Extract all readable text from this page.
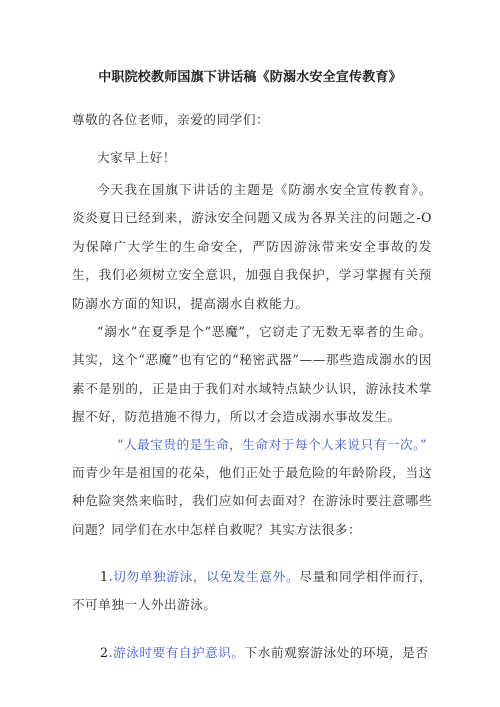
中职院校教师国旗下讲话稿《防溺水安全宣传教育》

尊敬的各位老师，亲爱的同学们：

大家早上好！

今天我在国旗下讲话的主题是《防溺水安全宣传教育》。炎炎夏日已经到来，游泳安全问题又成为各界关注的问题之-O为保障广大学生的生命安全，严防因游泳带来安全事故的发生，我们必须树立安全意识，加强自我保护，学习掌握有关预防溺水方面的知识，提高溺水自救能力。

“溺水”在夏季是个“恶魔”，它窃走了无数无辜者的生命。其实，这个“恶魔”也有它的“秘密武器”——那些造成溺水的因素不是别的，正是由于我们对水域特点缺少认识，游泳技术掌握不好，防范措施不得力，所以才会造成溺水事故发生。

“人最宝贵的是生命，生命对于每个人来说只有一次。”

而青少年是祖国的花朵，他们正处于最危险的年龄阶段，当这种危险突然来临时，我们应如何去面对？在游泳时要注意哪些问题？同学们在水中怎样自救呢？其实方法很多：

1.切勿单独游泳，以免发生意外。尽量和同学相伴而行，不可单独一人外出游泳。

2.游泳时要有自护意识。下水前观察游泳处的环境，是否
